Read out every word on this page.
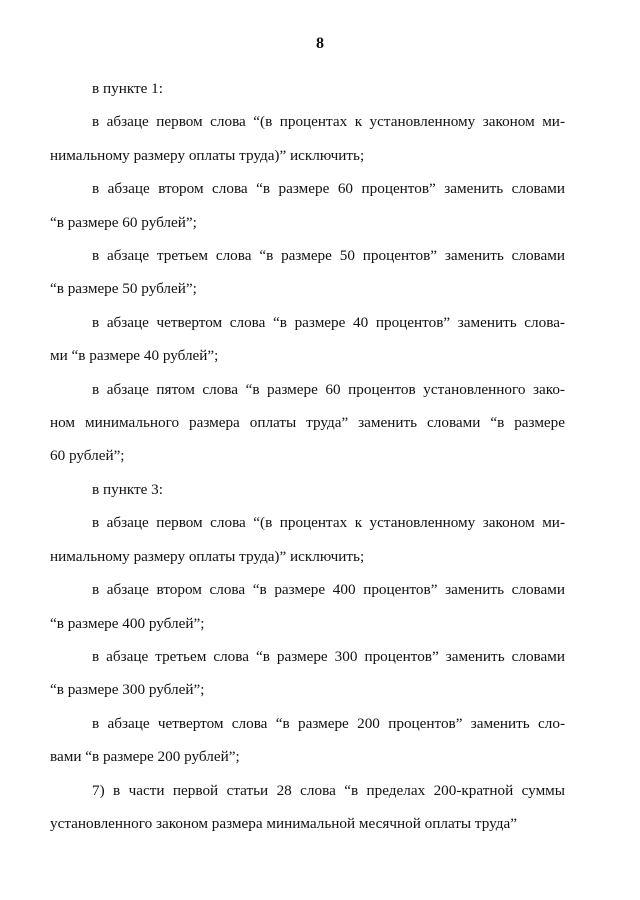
8

в пункте 1:

в абзаце первом слова “(в процентах к установленному законом ми-
нимальному размеру оплаты труда)” исключить;

в абзаце втором слова “в размере 60 процентов” заменить словами
“в размере 60 рублей”;

в абзаце третьем слова “в размере 50 процентов” заменить словами
“в размере 50 рублей”;

в абзаце четвертом слова “в размере 40 процентов” заменить слова-
ми “в размере 40 рублей”;

в абзаце пятом слова “в размере 60 процентов установленного зако-
ном минимального размера оплаты труда” заменить словами “в размере
60 рублей”;

в пункте 3:

в абзаце первом слова “(в процентах к установленному законом ми-
нимальному размеру оплаты труда)” исключить;

в абзаце втором слова “в размере 400 процентов” заменить словами
“в размере 400 рублей”;

в абзаце третьем слова “в размере 300 процентов” заменить словами
“в размере 300 рублей”;

в абзаце четвертом слова “в размере 200 процентов” заменить сло-
вами “в размере 200 рублей”;

7) в части первой статьи 28 слова “в пределах 200-кратной суммы
установленного законом размера минимальной месячной оплаты труда”
